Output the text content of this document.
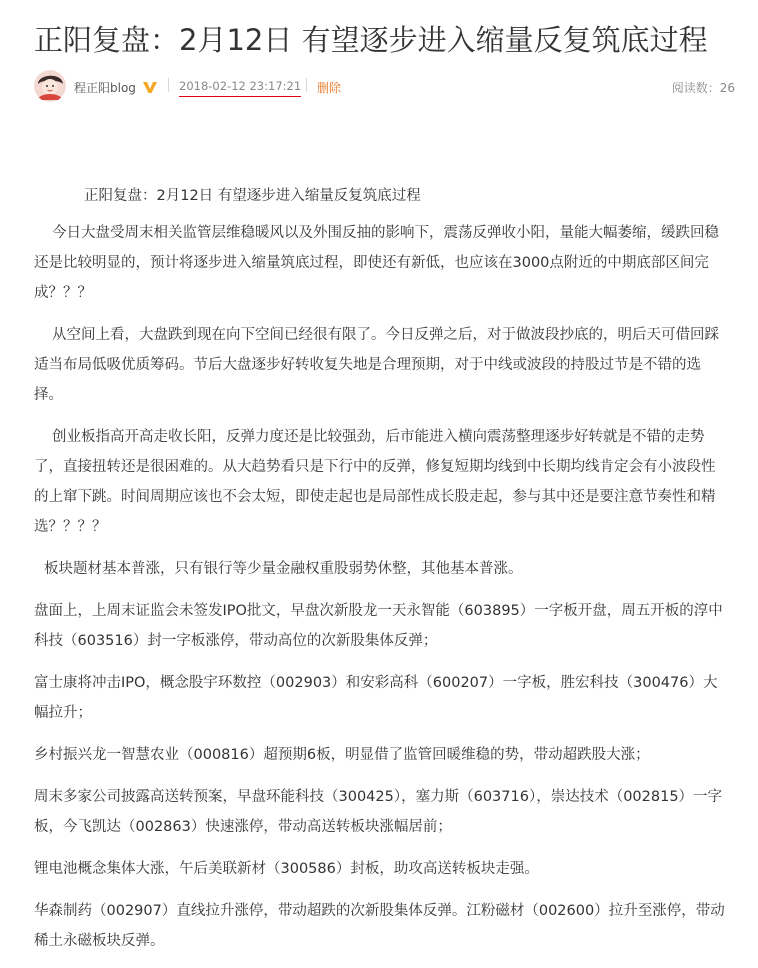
正阳复盘：2月12日 有望逐步进入缩量反复筑底过程
程正阳blog	2018-02-12 23:17:21 删除	阅读数：26

正阳复盘：2月12日 有望逐步进入缩量反复筑底过程

今日大盘受周末相关监管层维稳暖风以及外围反抽的影响下，震荡反弹收小阳，量能大幅萎缩，缓跌回稳还是比较明显的，预计将逐步进入缩量筑底过程，即使还有新低，也应该在3000点附近的中期底部区间完成？？？

从空间上看，大盘跌到现在向下空间已经很有限了。今日反弹之后，对于做波段抄底的，明后天可借回踩适当布局低吸优质筹码。节后大盘逐步好转收复失地是合理预期，对于中线或波段的持股过节是不错的选择。

创业板指高开高走收长阳，反弹力度还是比较强劲，后市能进入横向震荡整理逐步好转就是不错的走势了，直接扭转还是很困难的。从大趋势看只是下行中的反弹，修复短期均线到中长期均线肯定会有小波段性的上窜下跳。时间周期应该也不会太短，即使走起也是局部性成长股走起，参与其中还是要注意节奏性和精选？？？？

板块题材基本普涨，只有银行等少量金融权重股弱势休整，其他基本普涨。

盘面上，上周末证监会未签发IPO批文，早盘次新股龙一天永智能（603895）一字板开盘，周五开板的淳中科技（603516）封一字板涨停，带动高位的次新股集体反弹；

富士康将冲击IPO，概念股宇环数控（002903）和安彩高科（600207）一字板，胜宏科技（300476）大幅拉升；

乡村振兴龙一智慧农业（000816）超预期6板，明显借了监管回暖维稳的势，带动超跌股大涨；

周末多家公司披露高送转预案，早盘环能科技（300425），塞力斯（603716），崇达技术（002815）一字板，今飞凯达（002863）快速涨停，带动高送转板块涨幅居前；

锂电池概念集体大涨，午后美联新材（300586）封板，助攻高送转板块走强。

华森制药（002907）直线拉升涨停，带动超跌的次新股集体反弹。江粉磁材（002600）拉升至涨停，带动稀土永磁板块反弹。
